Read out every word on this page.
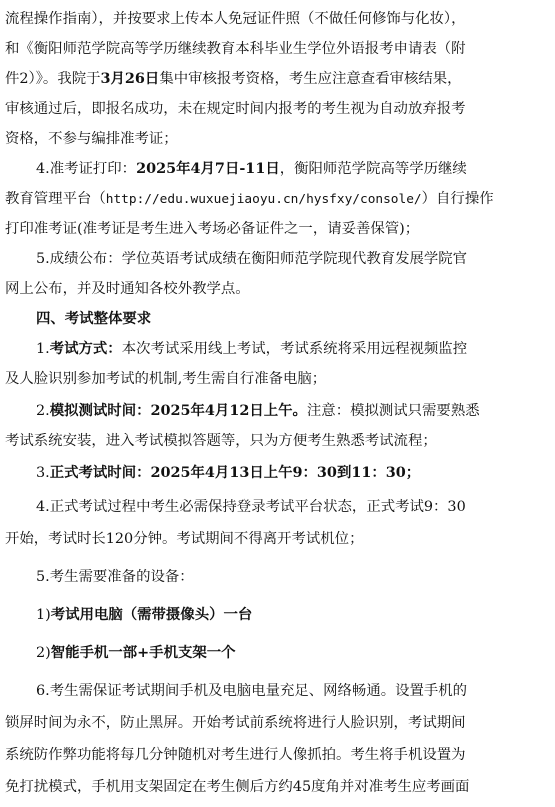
流程操作指南），并按要求上传本人免冠证件照（不做任何修饰与化妆），
和《衡阳师范学院高等学历继续教育本科毕业生学位外语报考申请表（附
件2）》。我院于3月26日集中审核报考资格，考生应注意查看审核结果，
审核通过后，即报名成功，未在规定时间内报考的考生视为自动放弃报考
资格，不参与编排准考证；
4.准考证打印：2025年4月7日-11日，衡阳师范学院高等学历继续
教育管理平台（http://edu.wuxuejiaoyu.cn/hysfxy/console/）自行操作
打印准考证(准考证是考生进入考场必备证件之一，请妥善保管)；
5.成绩公布：学位英语考试成绩在衡阳师范学院现代教育发展学院官
网上公布，并及时通知各校外教学点。
四、考试整体要求
1.考试方式：本次考试采用线上考试，考试系统将采用远程视频监控
及人脸识别参加考试的机制,考生需自行准备电脑；
2.模拟测试时间：2025年4月12日上午。注意：模拟测试只需要熟悉
考试系统安装，进入考试模拟答题等，只为方便考生熟悉考试流程；
3.正式考试时间：2025年4月13日上午9：30到11：30；
4.正式考试过程中考生必需保持登录考试平台状态，正式考试9：30
开始，考试时长120分钟。考试期间不得离开考试机位；
5.考生需要准备的设备：
1)考试用电脑（需带摄像头）一台
2)智能手机一部+手机支架一个
6.考生需保证考试期间手机及电脑电量充足、网络畅通。设置手机的
锁屏时间为永不，防止黑屏。开始考试前系统将进行人脸识别，考试期间
系统防作弊功能将每几分钟随机对考生进行人像抓拍。考生将手机设置为
免打扰模式，手机用支架固定在考生侧后方约45度角并对准考生应考画面
